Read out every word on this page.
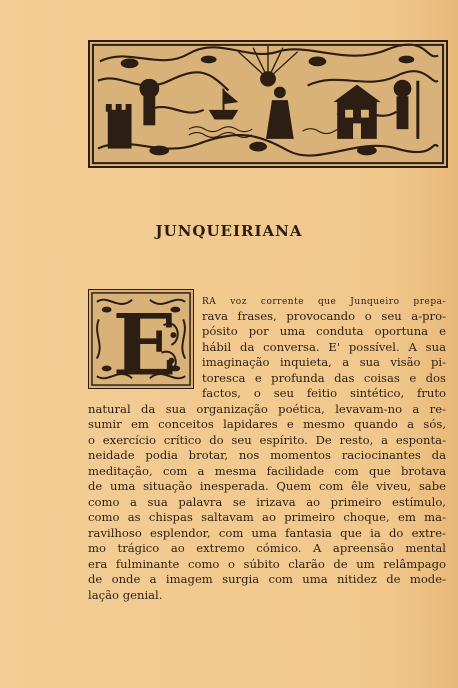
JUNQUEIRIANA
E	RA voz corrente que Junqueiro prepa-
rava frases, provocando o seu a-pro-
pósito por uma conduta oportuna e
hábil da conversa. E' possível. A sua
imaginação inquieta, a sua visão pi-
toresca e profunda das coisas e dos
factos, o seu feitio sintético, fruto
natural da sua organização poética, levavam-no a re-
sumir em conceitos lapidares e mesmo quando a sós,
o exercício crítico do seu espírito. De resto, a esponta-
neidade podia brotar, nos momentos raciocinantes da
meditação, com a mesma facilidade com que brotava
de uma situação inesperada. Quem com êle viveu, sabe
como a sua palavra se irizava ao primeiro estímulo,
como as chispas saltavam ao primeiro choque, em ma-
ravilhoso esplendor, com uma fantasia que ia do extre-
mo trágico ao extremo cómico. A apreensão mental
era fulminante como o súbito clarão de um relâmpago
de onde a imagem surgia com uma nitidez de mode-
lação genial.
